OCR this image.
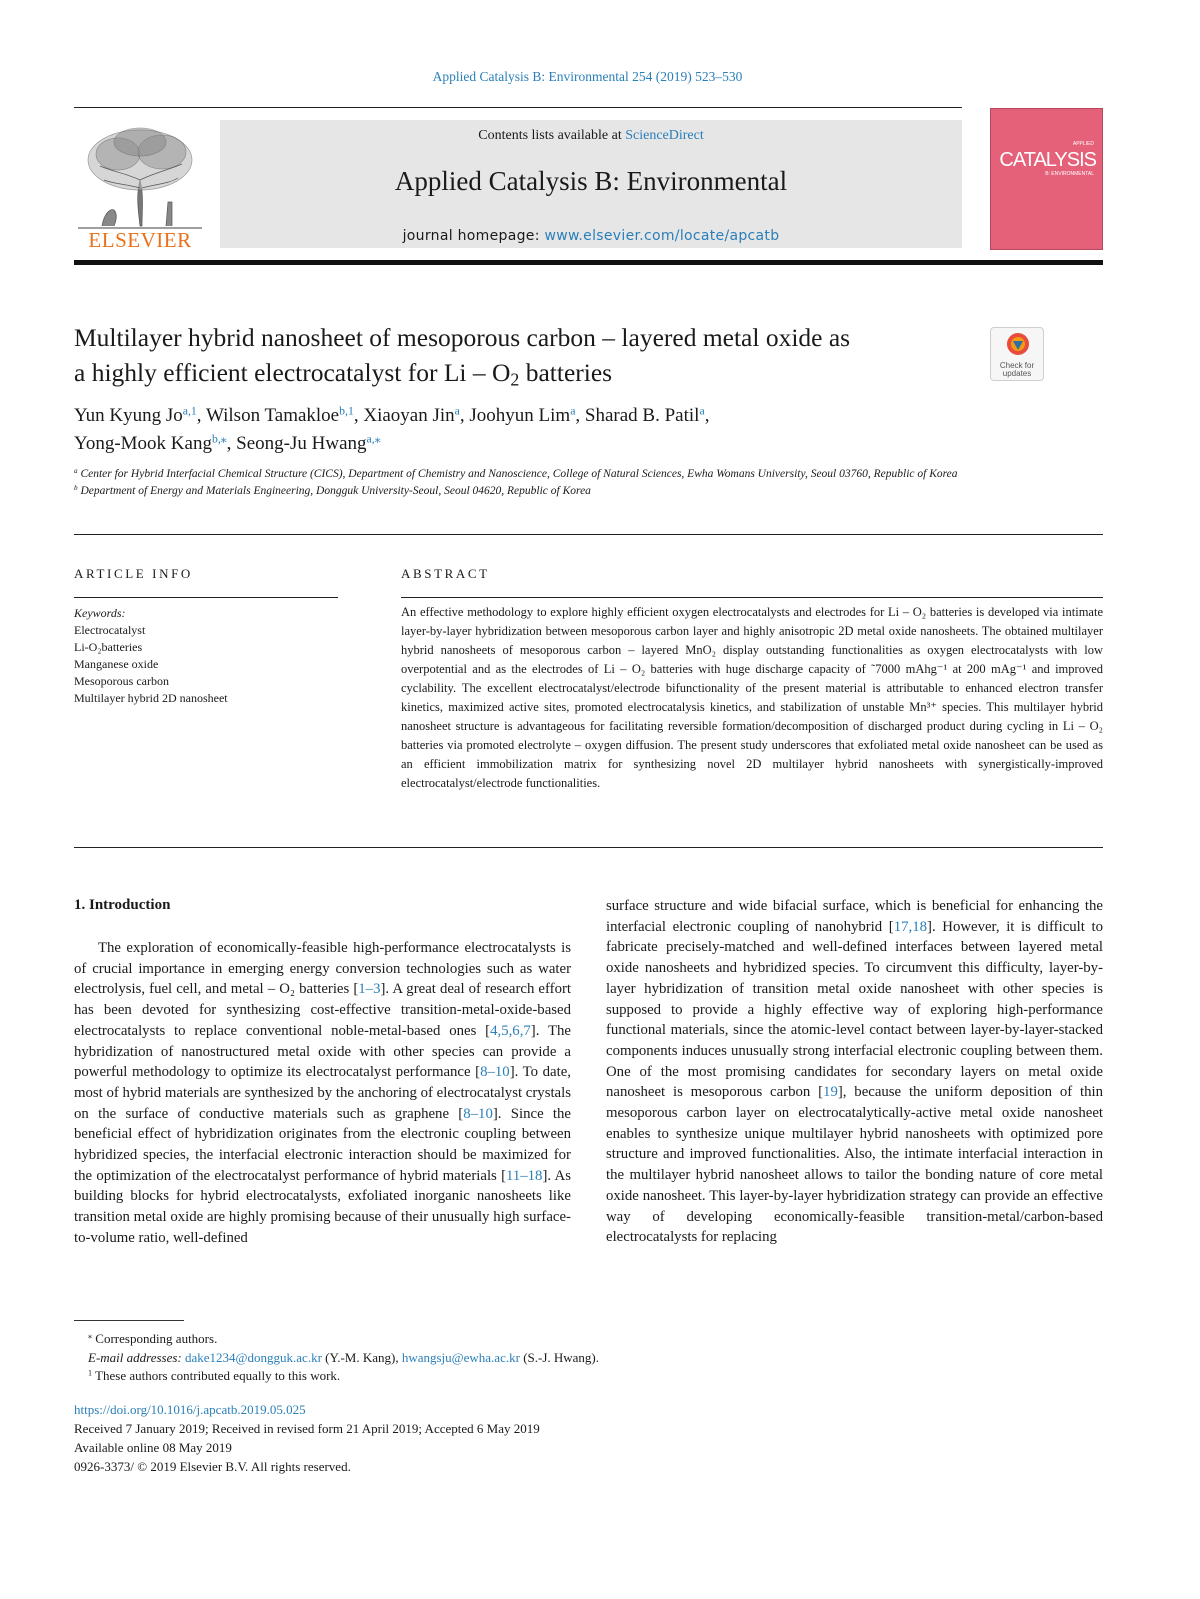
Applied Catalysis B: Environmental 254 (2019) 523–530
ELSEVIER
Contents lists available at ScienceDirect
Applied Catalysis B: Environmental
journal homepage: www.elsevier.com/locate/apcatb
APPLIED
CATALYSIS
B: ENVIRONMENTAL
Multilayer hybrid nanosheet of mesoporous carbon – layered metal oxide as
a highly efficient electrocatalyst for Li – $O_2$ batteries	Check for updates
Yun Kyung Jo$^{a,1}$, Wilson Tamakloe$^{b,1}$, Xiaoyan Jin$^a$, Joohyun Lim$^a$, Sharad B. Patil$^a$,
Yong-Mook Kang$^{b,⁎}$, Seong-Ju Hwang$^{a,⁎}$
$^a$ Center for Hybrid Interfacial Chemical Structure (CICS), Department of Chemistry and Nanoscience, College of Natural Sciences, Ewha Womans University, Seoul 03760, Republic of Korea
$^b$ Department of Energy and Materials Engineering, Dongguk University-Seoul, Seoul 04620, Republic of Korea
ARTICLE INFO	ABSTRACT
Keywords:
Electrocatalyst
Li-O₂batteries
Manganese oxide
Mesoporous carbon
Multilayer hybrid 2D nanosheet
An effective methodology to explore highly efficient oxygen electrocatalysts and electrodes for Li – O₂ batteries is developed via intimate layer-by-layer hybridization between mesoporous carbon layer and highly anisotropic 2D metal oxide nanosheets. The obtained multilayer hybrid nanosheets of mesoporous carbon – layered MnO₂ display outstanding functionalities as oxygen electrocatalysts with low overpotential and as the electrodes of Li – O₂ batteries with huge discharge capacity of ˜7000 mAhg⁻¹ at 200 mAg⁻¹ and improved cyclability. The excellent electrocatalyst/electrode bifunctionality of the present material is attributable to enhanced electron transfer kinetics, maximized active sites, promoted electrocatalysis kinetics, and stabilization of unstable Mn³⁺ species. This multilayer hybrid nanosheet structure is advantageous for facilitating reversible formation/decomposition of discharged product during cycling in Li – O₂ batteries via promoted electrolyte – oxygen diffusion. The present study underscores that exfoliated metal oxide nanosheet can be used as an efficient immobilization matrix for synthesizing novel 2D multilayer hybrid nanosheets with synergistically-improved electrocatalyst/electrode functionalities.
1. Introduction
The exploration of economically-feasible high-performance electrocatalysts is of crucial importance in emerging energy conversion technologies such as water electrolysis, fuel cell, and metal – O₂ batteries [1–3]. A great deal of research effort has been devoted for synthesizing cost-effective transition-metal-oxide-based electrocatalysts to replace conventional noble-metal-based ones [4,5,6,7]. The hybridization of nanostructured metal oxide with other species can provide a powerful methodology to optimize its electrocatalyst performance [8–10]. To date, most of hybrid materials are synthesized by the anchoring of electrocatalyst crystals on the surface of conductive materials such as graphene [8–10]. Since the beneficial effect of hybridization originates from the electronic coupling between hybridized species, the interfacial electronic interaction should be maximized for the optimization of the electrocatalyst performance of hybrid materials [11–18]. As building blocks for hybrid electrocatalysts, exfoliated inorganic nanosheets like transition metal oxide are highly promising because of their unusually high surface-to-volume ratio, well-defined
surface structure and wide bifacial surface, which is beneficial for enhancing the interfacial electronic coupling of nanohybrid [17,18]. However, it is difficult to fabricate precisely-matched and well-defined interfaces between layered metal oxide nanosheets and hybridized species. To circumvent this difficulty, layer-by-layer hybridization of transition metal oxide nanosheet with other species is supposed to provide a highly effective way of exploring high-performance functional materials, since the atomic-level contact between layer-by-layer-stacked components induces unusually strong interfacial electronic coupling between them. One of the most promising candidates for secondary layers on metal oxide nanosheet is mesoporous carbon [19], because the uniform deposition of thin mesoporous carbon layer on electrocatalytically-active metal oxide nanosheet enables to synthesize unique multilayer hybrid nanosheets with optimized pore structure and improved functionalities. Also, the intimate interfacial interaction in the multilayer hybrid nanosheet allows to tailor the bonding nature of core metal oxide nanosheet. This layer-by-layer hybridization strategy can provide an effective way of developing economically-feasible transition-metal/carbon-based electrocatalysts for replacing
⁎ Corresponding authors.
E-mail addresses: dake1234@dongguk.ac.kr (Y.-M. Kang), hwangsju@ewha.ac.kr (S.-J. Hwang).
$^1$ These authors contributed equally to this work.
https://doi.org/10.1016/j.apcatb.2019.05.025
Received 7 January 2019; Received in revised form 21 April 2019; Accepted 6 May 2019
Available online 08 May 2019
0926-3373/ © 2019 Elsevier B.V. All rights reserved.
